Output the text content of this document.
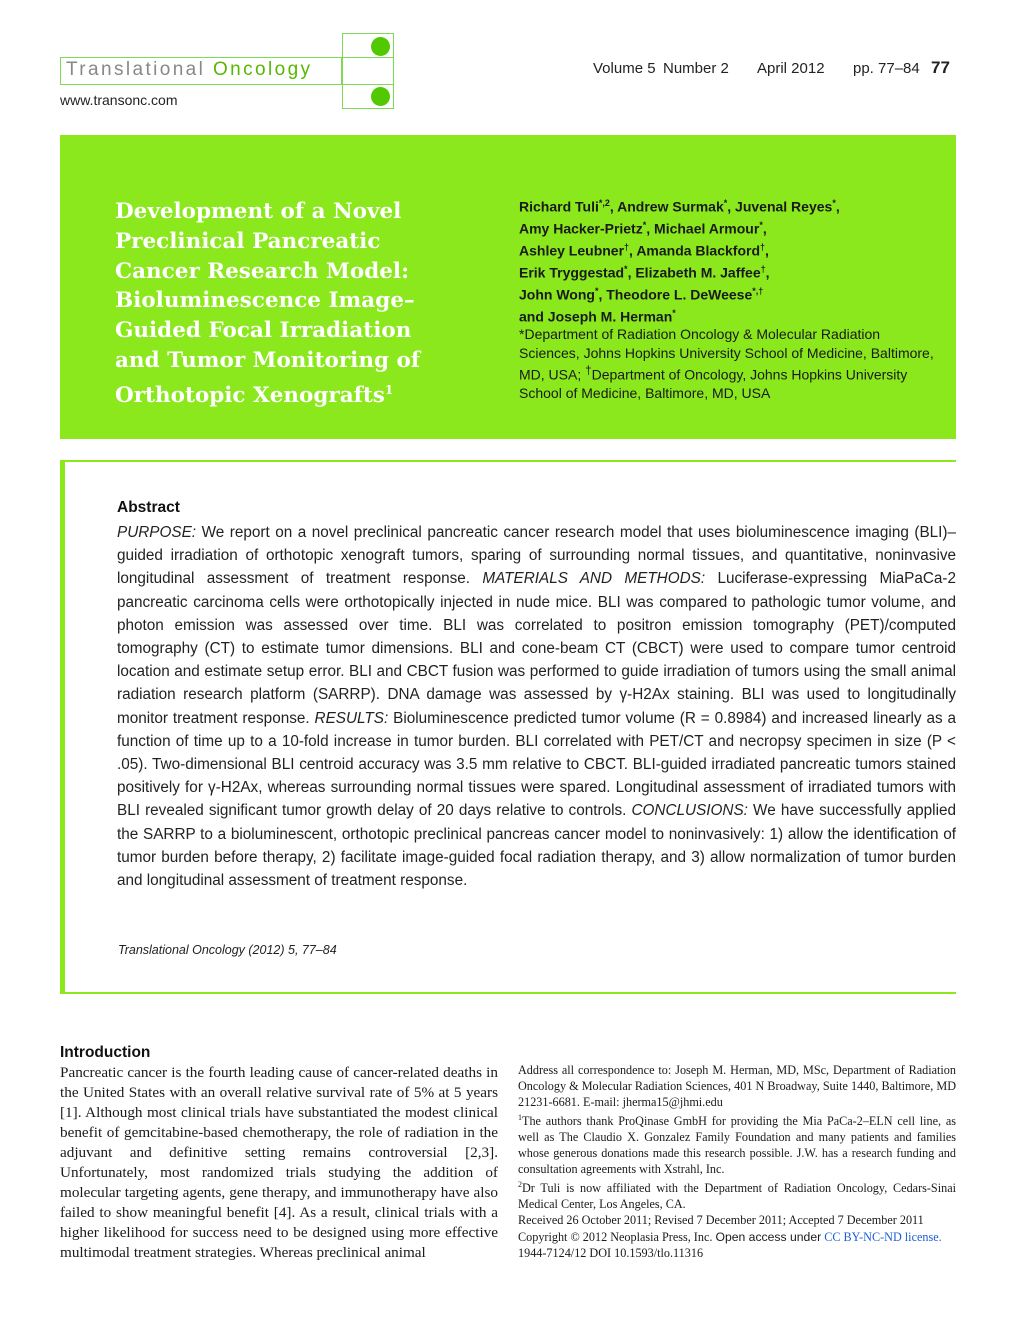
Translational Oncology
www.transonc.com
Volume 5 Number 2 April 2012 pp. 77–84 77
Development of a Novel Preclinical Pancreatic Cancer Research Model: Bioluminescence Image–Guided Focal Irradiation and Tumor Monitoring of Orthotopic Xenografts$^1$
Richard Tuli$^{*,2}$, Andrew Surmak*, Juvenal Reyes*,
Amy Hacker-Prietz*, Michael Armour*,
Ashley Leubner†, Amanda Blackford†,
Erik Tryggestad*, Elizabeth M. Jaffee†,
John Wong*, Theodore L. DeWeese*,†
and Joseph M. Herman*
*Department of Radiation Oncology & Molecular Radiation Sciences, Johns Hopkins University School of Medicine, Baltimore, MD, USA; †Department of Oncology, Johns Hopkins University School of Medicine, Baltimore, MD, USA
Abstract
PURPOSE: We report on a novel preclinical pancreatic cancer research model that uses bioluminescence imaging (BLI)–guided irradiation of orthotopic xenograft tumors, sparing of surrounding normal tissues, and quantitative, noninvasive longitudinal assessment of treatment response. MATERIALS AND METHODS: Luciferase-expressing MiaPaCa-2 pancreatic carcinoma cells were orthotopically injected in nude mice. BLI was compared to pathologic tumor volume, and photon emission was assessed over time. BLI was correlated to positron emission tomography (PET)/computed tomography (CT) to estimate tumor dimensions. BLI and cone-beam CT (CBCT) were used to compare tumor centroid location and estimate setup error. BLI and CBCT fusion was performed to guide irradiation of tumors using the small animal radiation research platform (SARRP). DNA damage was assessed by γ-H2Ax staining. BLI was used to longitudinally monitor treatment response. RESULTS: Bioluminescence predicted tumor volume (R = 0.8984) and increased linearly as a function of time up to a 10-fold increase in tumor burden. BLI correlated with PET/CT and necropsy specimen in size (P < .05). Two-dimensional BLI centroid accuracy was 3.5 mm relative to CBCT. BLI-guided irradiated pancreatic tumors stained positively for γ-H2Ax, whereas surrounding normal tissues were spared. Longitudinal assessment of irradiated tumors with BLI revealed significant tumor growth delay of 20 days relative to controls. CONCLUSIONS: We have successfully applied the SARRP to a bioluminescent, orthotopic preclinical pancreas cancer model to noninvasively: 1) allow the identification of tumor burden before therapy, 2) facilitate image-guided focal radiation therapy, and 3) allow normalization of tumor burden and longitudinal assessment of treatment response.
Translational Oncology (2012) 5, 77–84
Introduction
Pancreatic cancer is the fourth leading cause of cancer-related deaths in the United States with an overall relative survival rate of 5% at 5 years [1]. Although most clinical trials have substantiated the modest clinical benefit of gemcitabine-based chemotherapy, the role of radiation in the adjuvant and definitive setting remains controversial [2,3]. Unfortunately, most randomized trials studying the addition of molecular targeting agents, gene therapy, and immunotherapy have also failed to show meaningful benefit [4]. As a result, clinical trials with a higher likelihood for success need to be designed using more effective multimodal treatment strategies. Whereas preclinical animal

Address all correspondence to: Joseph M. Herman, MD, MSc, Department of Radiation Oncology & Molecular Radiation Sciences, 401 N Broadway, Suite 1440, Baltimore, MD 21231-6681. E-mail: jherma15@jhmi.edu

$^1$The authors thank ProQinase GmbH for providing the Mia PaCa-2–ELN cell line, as well as The Claudio X. Gonzalez Family Foundation and many patients and families whose generous donations made this research possible. J.W. has a research funding and consultation agreements with Xstrahl, Inc.

$^2$Dr Tuli is now affiliated with the Department of Radiation Oncology, Cedars-Sinai Medical Center, Los Angeles, CA.

Received 26 October 2011; Revised 7 December 2011; Accepted 7 December 2011

Copyright © 2012 Neoplasia Press, Inc. Open access under CC BY-NC-ND license.
1944-7124/12 DOI 10.1593/tlo.11316
